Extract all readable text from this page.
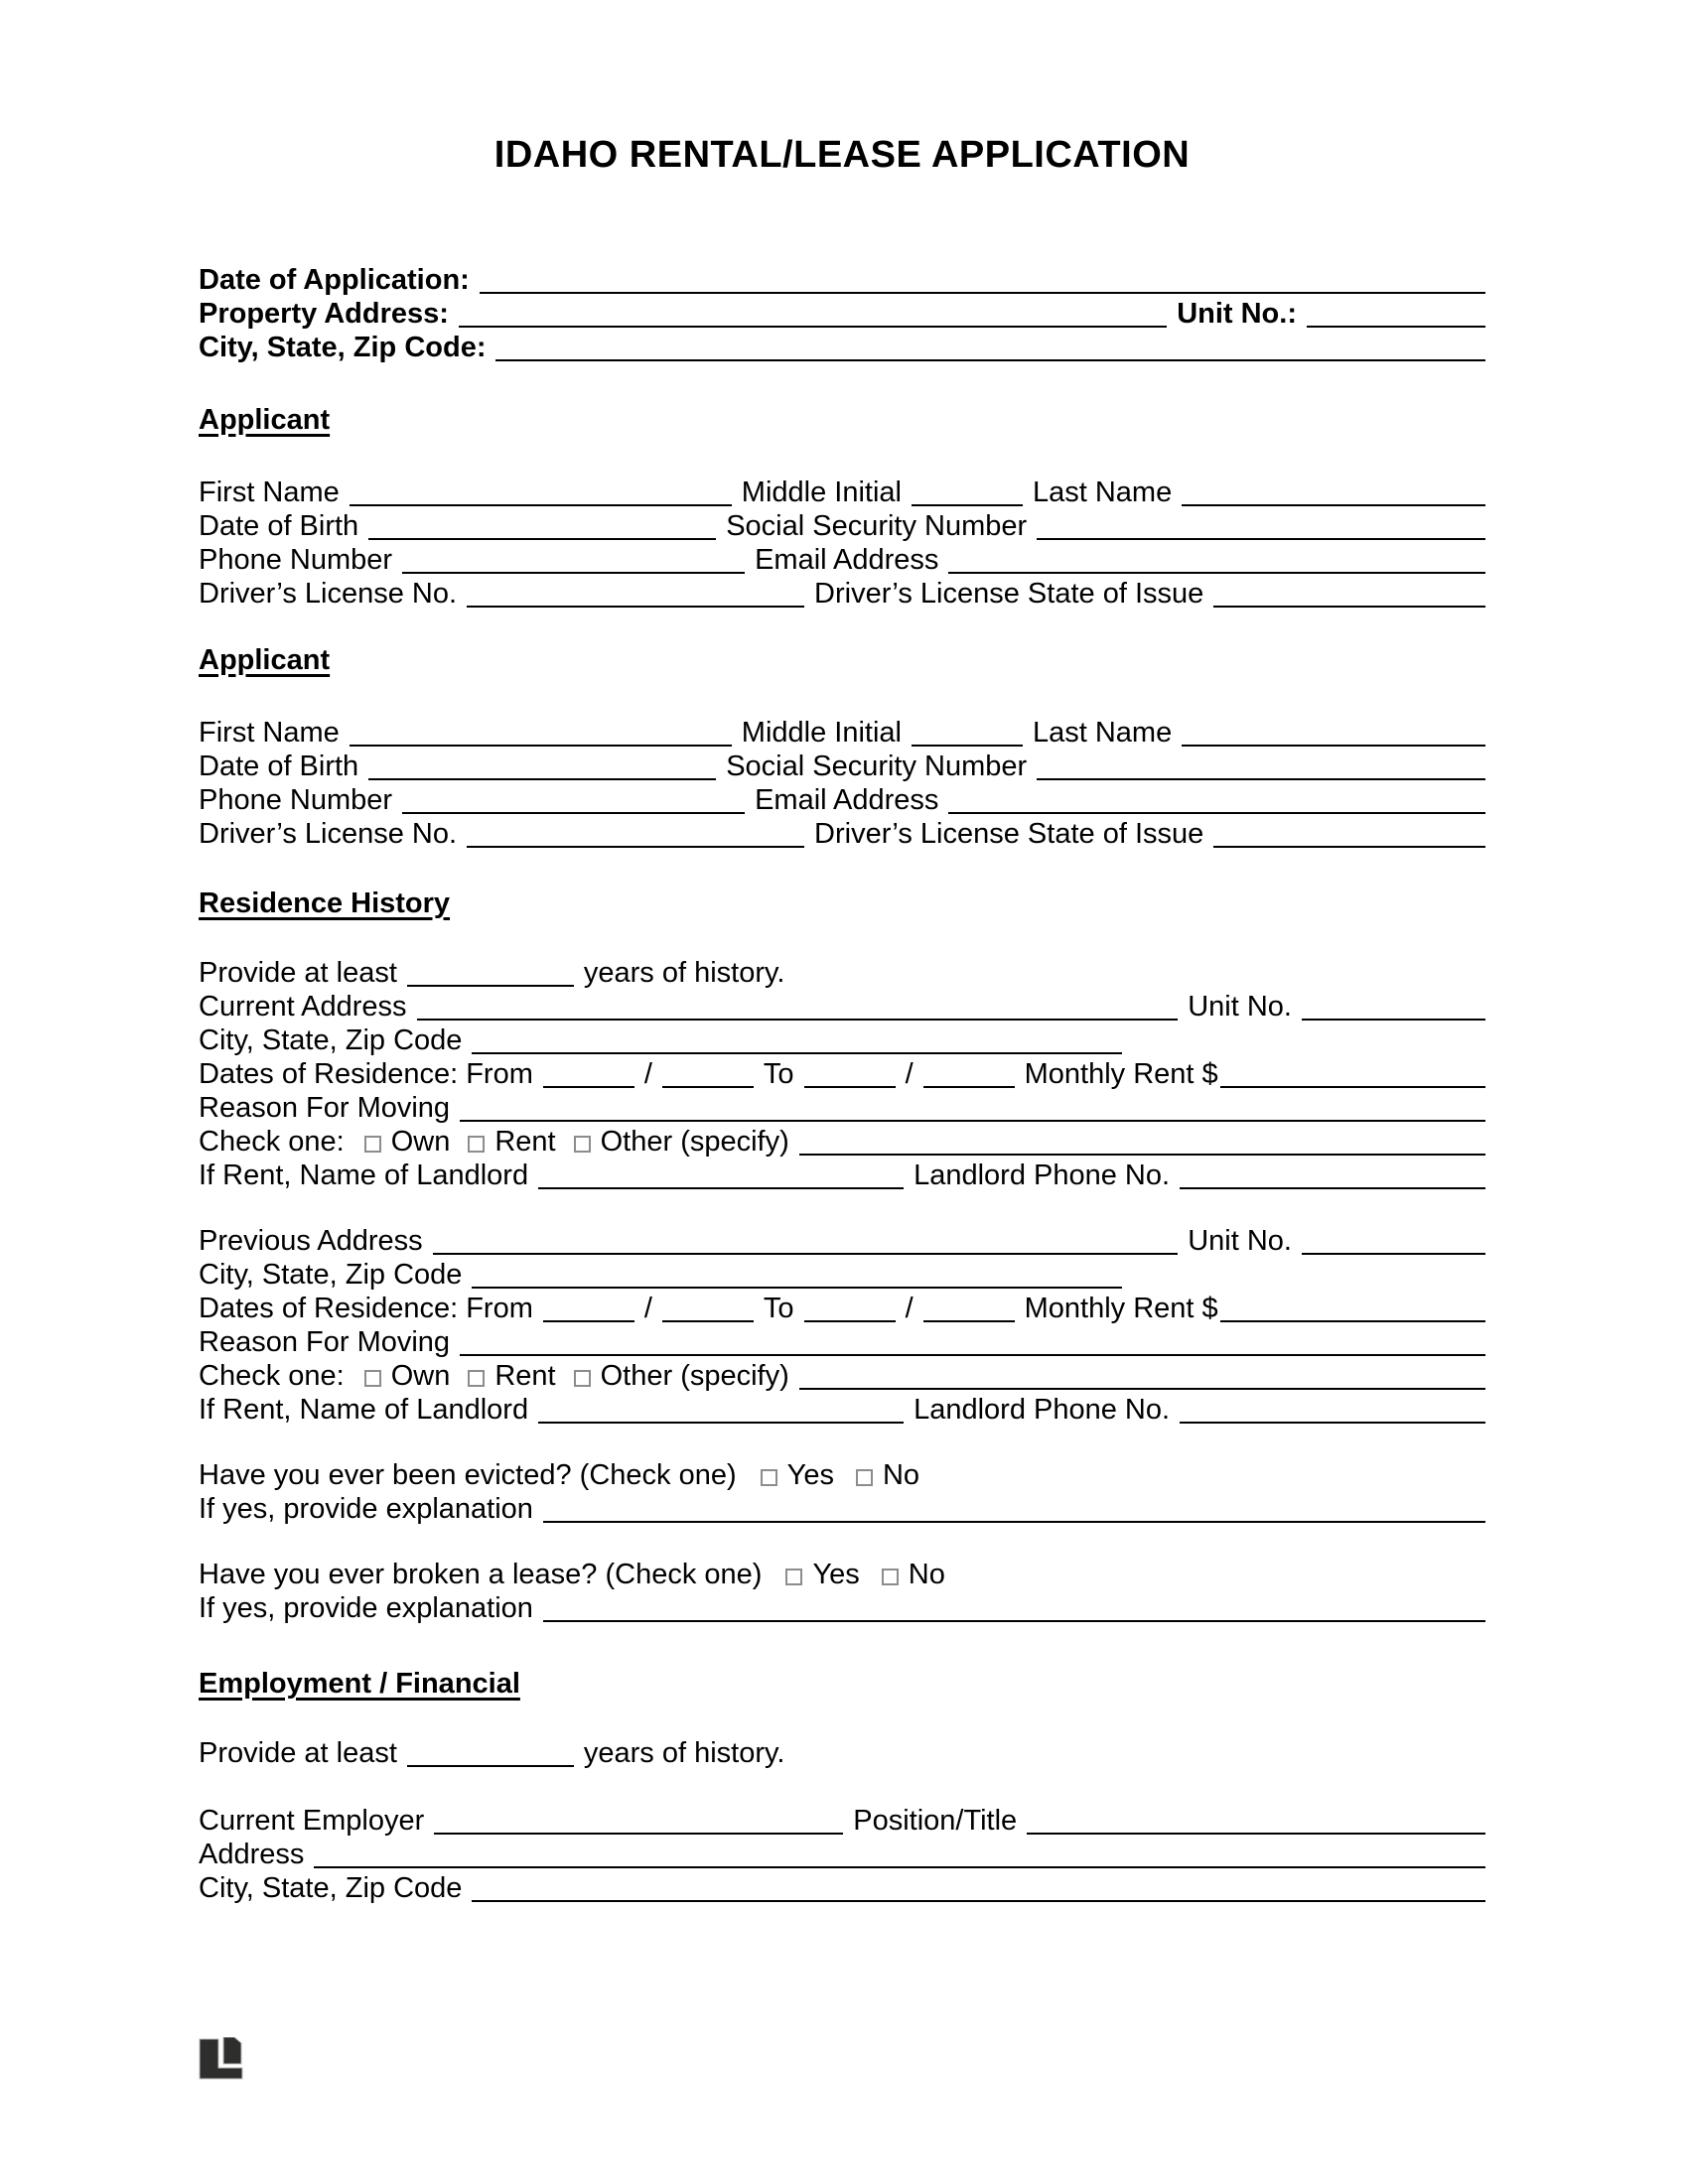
IDAHO RENTAL/LEASE APPLICATION
Date of Application:
Property Address:	Unit No.:
City, State, Zip Code:
Applicant
First Name	Middle Initial	Last Name
Date of Birth	Social Security Number
Phone Number	Email Address
Driver’s License No.	Driver’s License State of Issue
Applicant
First Name	Middle Initial	Last Name
Date of Birth	Social Security Number
Phone Number	Email Address
Driver’s License No.	Driver’s License State of Issue
Residence History
Provide at least	years of history.
Current Address	Unit No.
City, State, Zip Code
Dates of Residence: From	/	To	/	Monthly Rent $
Reason For Moving
Check one: Own Rent Other (specify)
If Rent, Name of Landlord	Landlord Phone No.
Previous Address	Unit No.
City, State, Zip Code
Dates of Residence: From	/	To	/	Monthly Rent $
Reason For Moving
Check one: Own Rent Other (specify)
If Rent, Name of Landlord	Landlord Phone No.
Have you ever been evicted? (Check one) Yes No
If yes, provide explanation
Have you ever broken a lease? (Check one) Yes No
If yes, provide explanation
Employment / Financial
Provide at least	years of history.
Current Employer	Position/Title
Address
City, State, Zip Code
